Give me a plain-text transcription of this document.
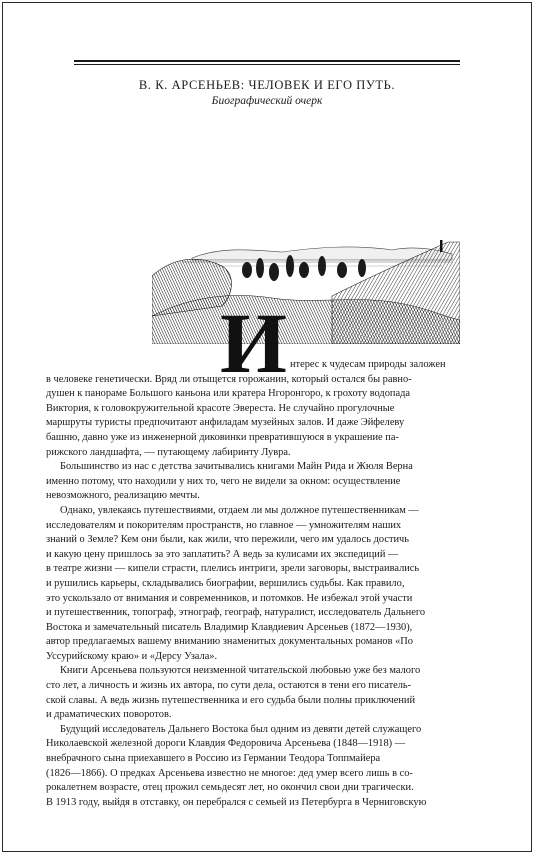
В. К. АРСЕНЬЕВ: ЧЕЛОВЕК И ЕГО ПУТЬ.
Биографический очерк
И нтерес к чудесам природы заложен
в человеке генетически. Вряд ли отыщется горожанин, который остался бы равно-
душен к панораме Большого каньона или кратера Нгоронгоро, к грохоту водопада
Виктория, к головокружительной красоте Эвереста. Не случайно прогулочные
маршруты туристы предпочитают анфиладам музейных залов. И даже Эйфелеву
башню, давно уже из инженерной диковинки превратившуюся в украшение па-
рижского ландшафта, — путающему лабиринту Лувра.
Большинство из нас с детства зачитывались книгами Майн Рида и Жюля Верна
именно потому, что находили у них то, чего не видели за окном: осуществление
невозможного, реализацию мечты.
Однако, увлекаясь путешествиями, отдаем ли мы должное путешественникам —
исследователям и покорителям пространств, но главное — умножителям наших
знаний о Земле? Кем они были, как жили, что пережили, чего им удалось достичь
и какую цену пришлось за это заплатить? А ведь за кулисами их экспедиций —
в театре жизни — кипели страсти, плелись интриги, зрели заговоры, выстраивались
и рушились карьеры, складывались биографии, вершились судьбы. Как правило,
это ускользало от внимания и современников, и потомков. Не избежал этой участи
и путешественник, топограф, этнограф, географ, натуралист, исследователь Дальнего
Востока и замечательный писатель Владимир Клавдиевич Арсеньев (1872—1930),
автор предлагаемых вашему вниманию знаменитых документальных романов «По
Уссурийскому краю» и «Дерсу Узала».
Книги Арсеньева пользуются неизменной читательской любовью уже без малого
сто лет, а личность и жизнь их автора, по сути дела, остаются в тени его писатель-
ской славы. А ведь жизнь путешественника и его судьба были полны приключений
и драматических поворотов.
Будущий исследователь Дальнего Востока был одним из девяти детей служащего
Николаевской железной дороги Клавдия Федоровича Арсеньева (1848—1918) —
внебрачного сына приехавшего в Россию из Германии Теодора Топпмайера
(1826—1866). О предках Арсеньева известно не многое: дед умер всего лишь в со-
рокалетнем возрасте, отец прожил семьдесят лет, но окончил свои дни трагически.
В 1913 году, выйдя в отставку, он перебрался с семьей из Петербурга в Черниговскую
